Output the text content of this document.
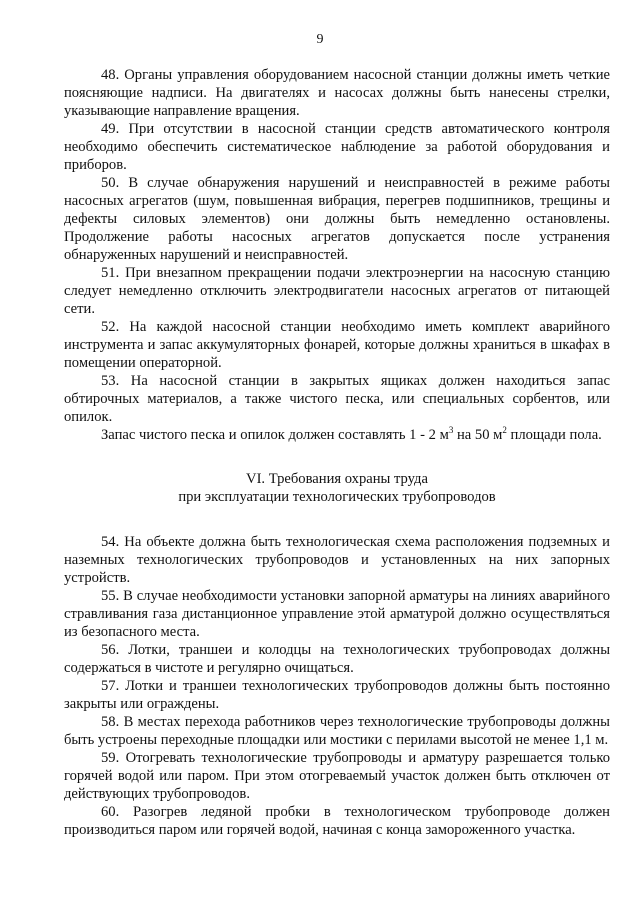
9

48. Органы управления оборудованием насосной станции должны иметь четкие поясняющие надписи. На двигателях и насосах должны быть нанесены стрелки, указывающие направление вращения.

49. При отсутствии в насосной станции средств автоматического контроля необходимо обеспечить систематическое наблюдение за работой оборудования и приборов.

50. В случае обнаружения нарушений и неисправностей в режиме работы насосных агрегатов (шум, повышенная вибрация, перегрев подшипников, трещины и дефекты силовых элементов) они должны быть немедленно остановлены. Продолжение работы насосных агрегатов допускается после устранения обнаруженных нарушений и неисправностей.

51. При внезапном прекращении подачи электроэнергии на насосную станцию следует немедленно отключить электродвигатели насосных агрегатов от питающей сети.

52. На каждой насосной станции необходимо иметь комплект аварийного инструмента и запас аккумуляторных фонарей, которые должны храниться в шкафах в помещении операторной.

53. На насосной станции в закрытых ящиках должен находиться запас обтирочных материалов, а также чистого песка, или специальных сорбентов, или опилок.

Запас чистого песка и опилок должен составлять 1 - 2 $м^3$ на 50 $м^2$ площади пола.

VI. Требования охраны труда
при эксплуатации технологических трубопроводов

54. На объекте должна быть технологическая схема расположения подземных и наземных технологических трубопроводов и установленных на них запорных устройств.

55. В случае необходимости установки запорной арматуры на линиях аварийного стравливания газа дистанционное управление этой арматурой должно осуществляться из безопасного места.

56. Лотки, траншеи и колодцы на технологических трубопроводах должны содержаться в чистоте и регулярно очищаться.

57. Лотки и траншеи технологических трубопроводов должны быть постоянно закрыты или ограждены.

58. В местах перехода работников через технологические трубопроводы должны быть устроены переходные площадки или мостики с перилами высотой не менее 1,1 м.

59. Отогревать технологические трубопроводы и арматуру разрешается только горячей водой или паром. При этом отогреваемый участок должен быть отключен от действующих трубопроводов.

60. Разогрев ледяной пробки в технологическом трубопроводе должен производиться паром или горячей водой, начиная с конца замороженного участка.
